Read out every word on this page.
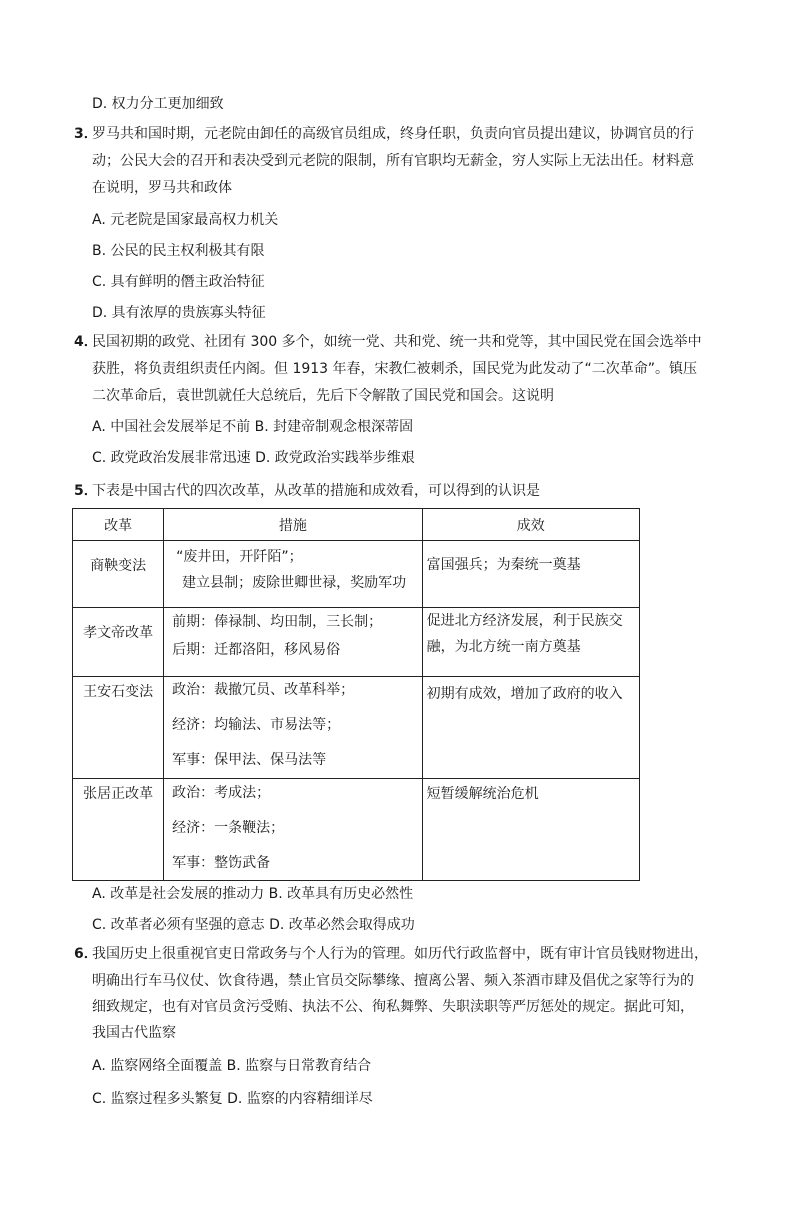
D. 权力分工更加细致
3．
罗马共和国时期，元老院由卸任的高级官员组成，终身任职，负责向官员提出建议，协调官员的行
动；公民大会的召开和表决受到元老院的限制，所有官职均无薪金，穷人实际上无法出任。材料意
在说明，罗马共和政体
A. 元老院是国家最高权力机关
B. 公民的民主权利极其有限
C. 具有鲜明的僭主政治特征
D. 具有浓厚的贵族寡头特征
4．
民国初期的政党、社团有 300 多个，如统一党、共和党、统一共和党等，其中国民党在国会选举中
获胜，将负责组织责任内阁。但 1913 年春，宋教仁被刺杀，国民党为此发动了“二次革命”。镇压
二次革命后，袁世凯就任大总统后，先后下令解散了国民党和国会。这说明
A. 中国社会发展举足不前 B. 封建帝制观念根深蒂固
C. 政党政治发展非常迅速 D. 政党政治实践举步维艰
5．
下表是中国古代的四次改革，从改革的措施和成效看，可以得到的认识是
改革	措施	成效
商鞅变法	“废井田，开阡陌”；
建立县制；废除世卿世禄，奖励军功	富国强兵；为秦统一奠基

孝文帝改革	前期：俸禄制、均田制，三长制；
后期：迁都洛阳，移风易俗	促进北方经济发展，利于民族交融，为北方统一南方奠基

王安石变法	政治：裁撤冗员、改革科举；
经济：均输法、市易法等；
军事：保甲法、保马法等	初期有成效，增加了政府的收入

张居正改革	政治：考成法；
经济：一条鞭法；
军事：整饬武备	短暂缓解统治危机
A. 改革是社会发展的推动力 B. 改革具有历史必然性
C. 改革者必须有坚强的意志 D. 改革必然会取得成功
6．
我国历史上很重视官吏日常政务与个人行为的管理。如历代行政监督中，既有审计官员钱财物进出，
明确出行车马仪仗、饮食待遇，禁止官员交际攀缘、擅离公署、频入茶酒市肆及倡优之家等行为的
细致规定，也有对官员贪污受贿、执法不公、徇私舞弊、失职渎职等严厉惩处的规定。据此可知，
我国古代监察
A. 监察网络全面覆盖 B. 监察与日常教育结合
C. 监察过程多头繁复 D. 监察的内容精细详尽
